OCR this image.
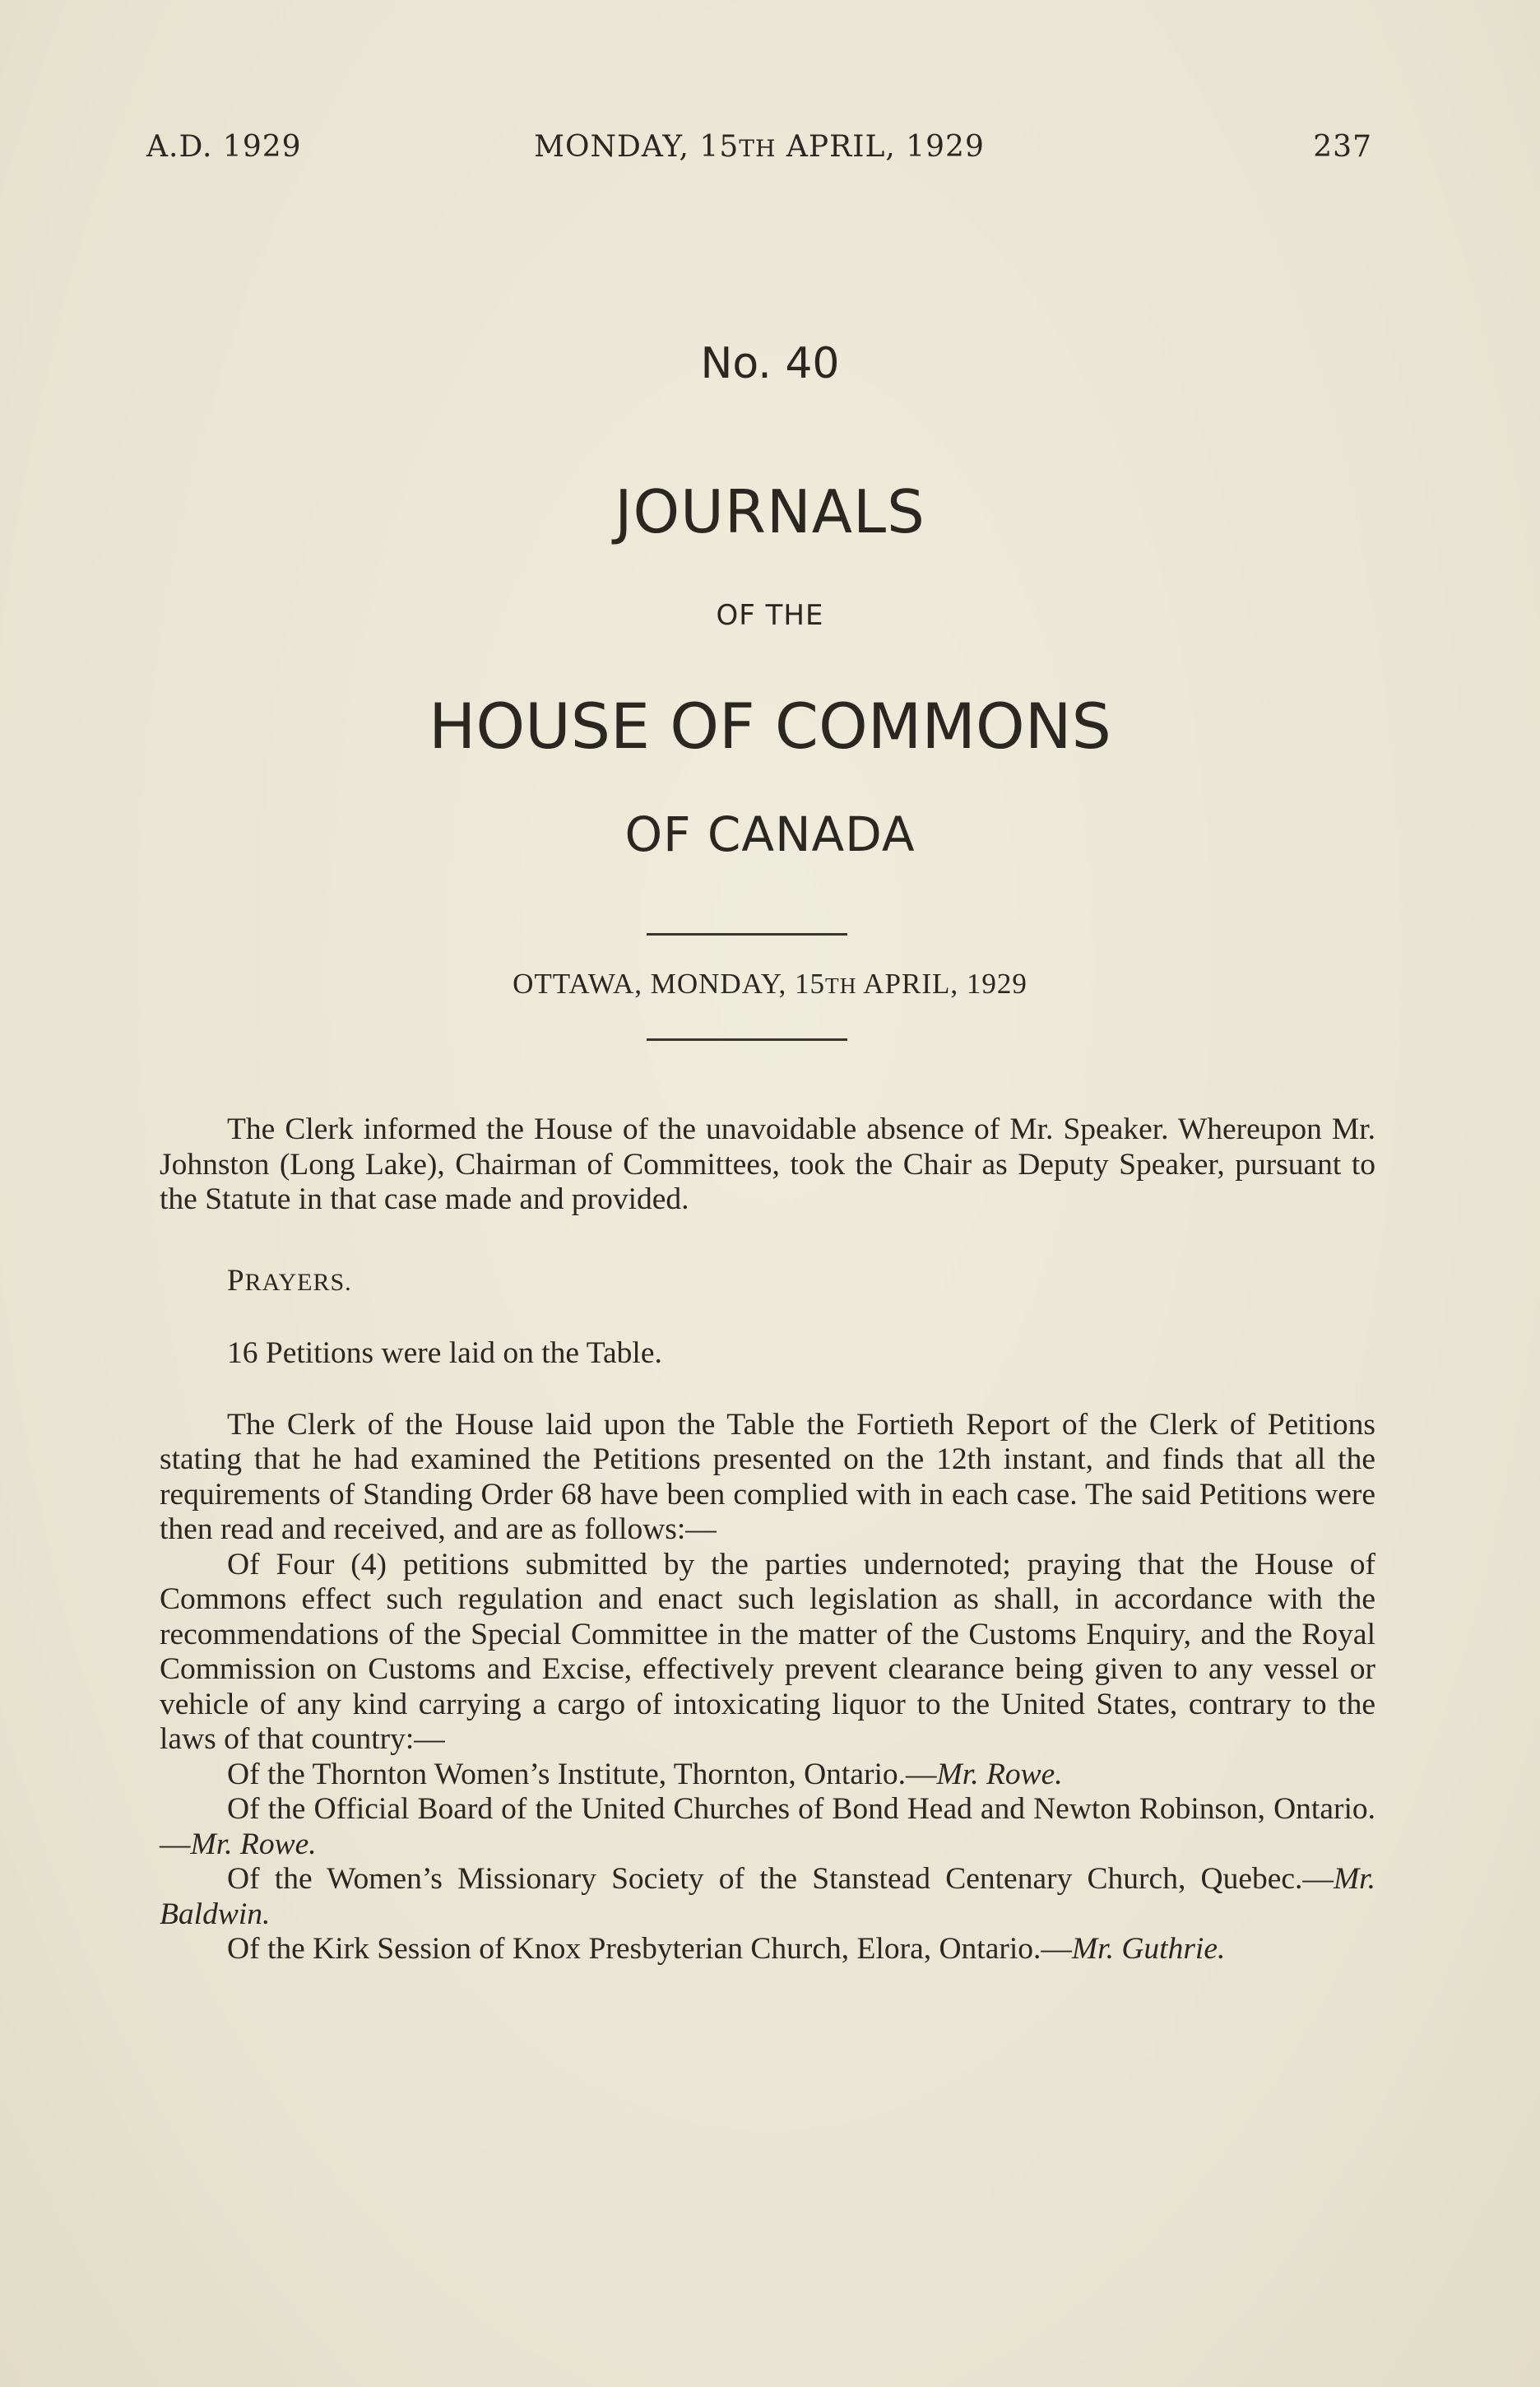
A.D. 1929	MONDAY, 15TH APRIL, 1929	237
No. 40
JOURNALS
OF THE
HOUSE OF COMMONS
OF CANADA
OTTAWA, MONDAY, 15TH APRIL, 1929

The Clerk informed the House of the unavoidable absence of Mr. Speaker. Whereupon Mr. Johnston (Long Lake), Chairman of Committees, took the Chair as Deputy Speaker, pursuant to the Statute in that case made and provided.

PRAYERS.

16 Petitions were laid on the Table.

The Clerk of the House laid upon the Table the Fortieth Report of the Clerk of Petitions stating that he had examined the Petitions presented on the 12th instant, and finds that all the requirements of Standing Order 68 have been complied with in each case. The said Petitions were then read and received, and are as follows:—

Of Four (4) petitions submitted by the parties undernoted; praying that the House of Commons effect such regulation and enact such legislation as shall, in accordance with the recommendations of the Special Committee in the matter of the Customs Enquiry, and the Royal Commission on Customs and Excise, effectively prevent clearance being given to any vessel or vehicle of any kind carrying a cargo of intoxicating liquor to the United States, contrary to the laws of that country:—

Of the Thornton Women’s Institute, Thornton, Ontario.—Mr. Rowe.

Of the Official Board of the United Churches of Bond Head and Newton Robinson, Ontario.—Mr. Rowe.

Of the Women’s Missionary Society of the Stanstead Centenary Church, Quebec.—Mr. Baldwin.

Of the Kirk Session of Knox Presbyterian Church, Elora, Ontario.—Mr. Guthrie.
